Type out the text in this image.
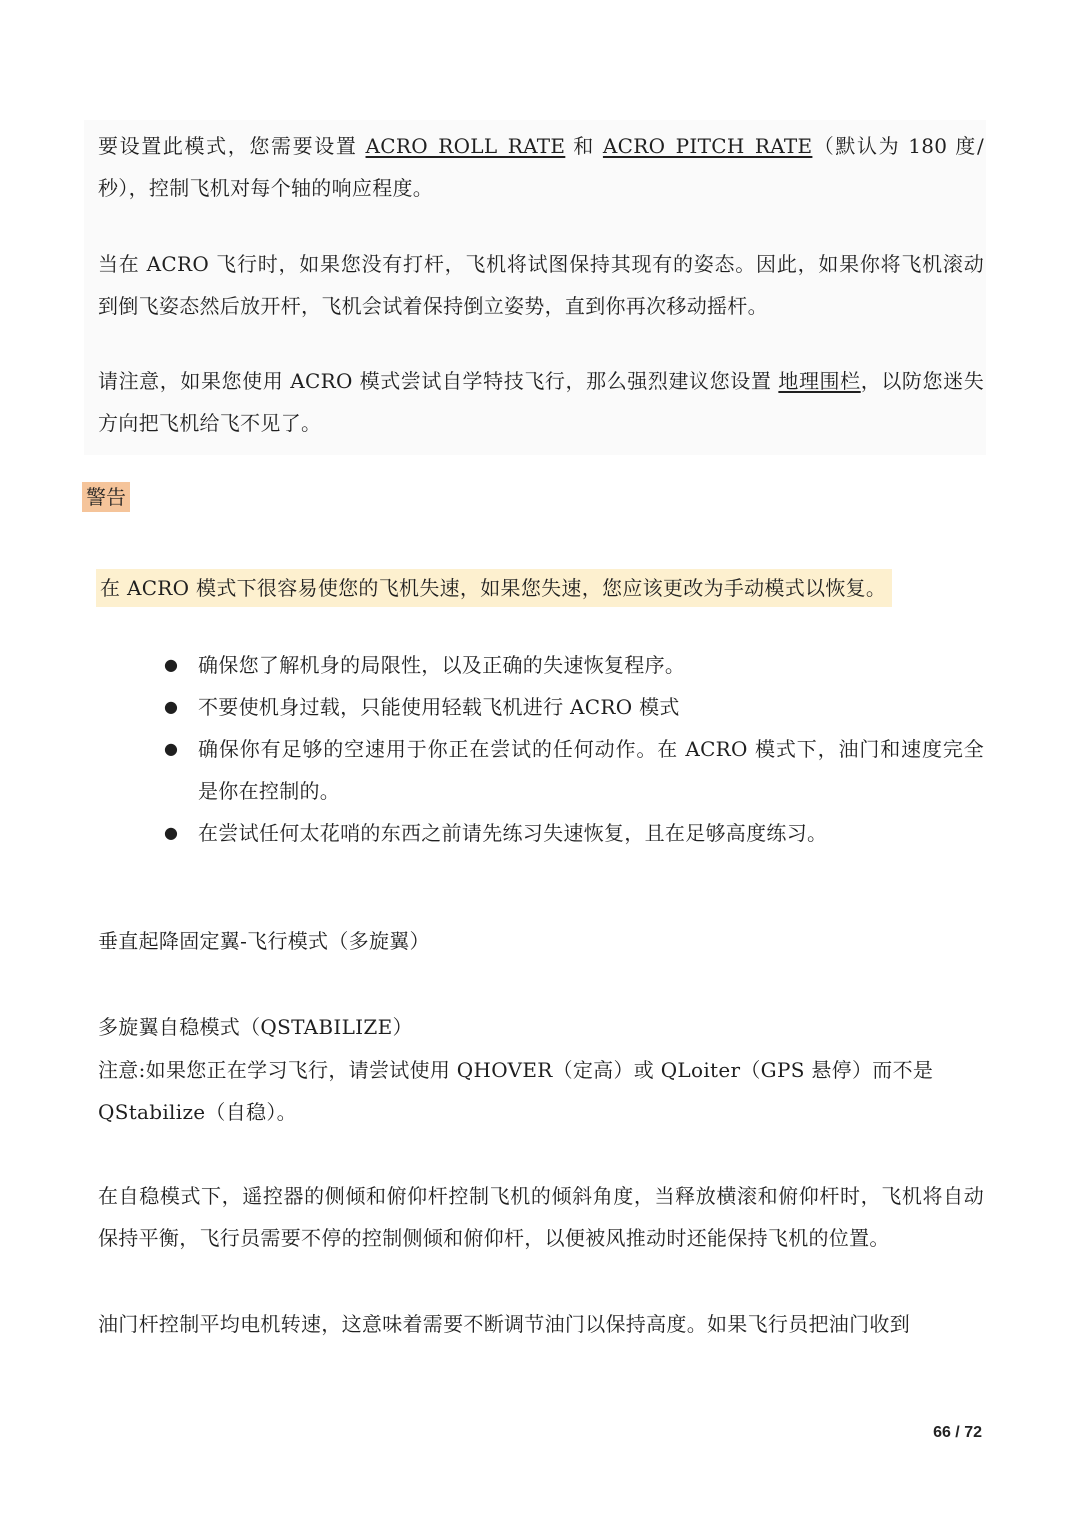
要设置此模式，您需要设置 ACRO_ROLL_RATE 和 ACRO_PITCH_RATE（默认为 180 度/秒），控制飞机对每个轴的响应程度。

当在 ACRO 飞行时，如果您没有打杆，飞机将试图保持其现有的姿态。因此，如果你将飞机滚动到倒飞姿态然后放开杆，飞机会试着保持倒立姿势，直到你再次移动摇杆。

请注意，如果您使用 ACRO 模式尝试自学特技飞行，那么强烈建议您设置 地理围栏，以防您迷失方向把飞机给飞不见了。

警告
在 ACRO 模式下很容易使您的飞机失速，如果您失速，您应该更改为手动模式以恢复。
● 确保您了解机身的局限性，以及正确的失速恢复程序。
● 不要使机身过载，只能使用轻载飞机进行 ACRO 模式
● 确保你有足够的空速用于你正在尝试的任何动作。在 ACRO 模式下，油门和速度完全是你在控制的。
● 在尝试任何太花哨的东西之前请先练习失速恢复，且在足够高度练习。

垂直起降固定翼-飞行模式（多旋翼）

多旋翼自稳模式（QSTABILIZE）

注意:如果您正在学习飞行，请尝试使用 QHOVER（定高）或 QLoiter（GPS 悬停）而不是 QStabilize（自稳）。

在自稳模式下，遥控器的侧倾和俯仰杆控制飞机的倾斜角度，当释放横滚和俯仰杆时，飞机将自动保持平衡，飞行员需要不停的控制侧倾和俯仰杆，以便被风推动时还能保持飞机的位置。

油门杆控制平均电机转速，这意味着需要不断调节油门以保持高度。如果飞行员把油门收到

66 / 72
